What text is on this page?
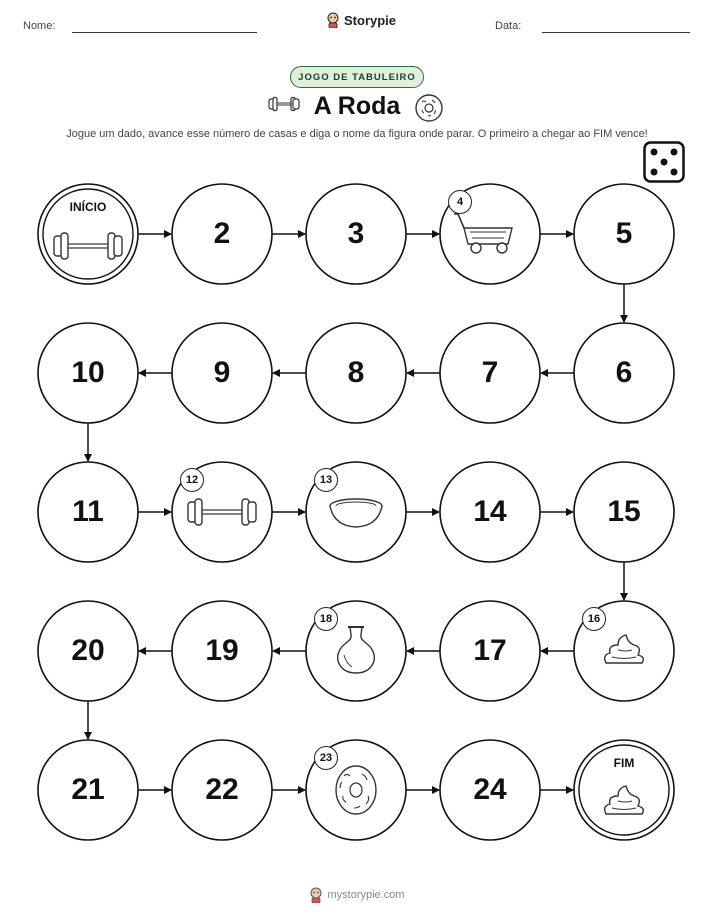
Nome:	Storypie	Data:
JOGO DE TABULEIRO
A Roda
Jogue um dado, avance esse número de casas e diga o nome da figura onde parar. O primeiro a chegar ao FIM vence!
INÍCIO
2	3
4
5
6
7
8
9
10
11
12	13
14	15
16
17
18
19
20
21	22
23
24
FIM
mystorypie.com
